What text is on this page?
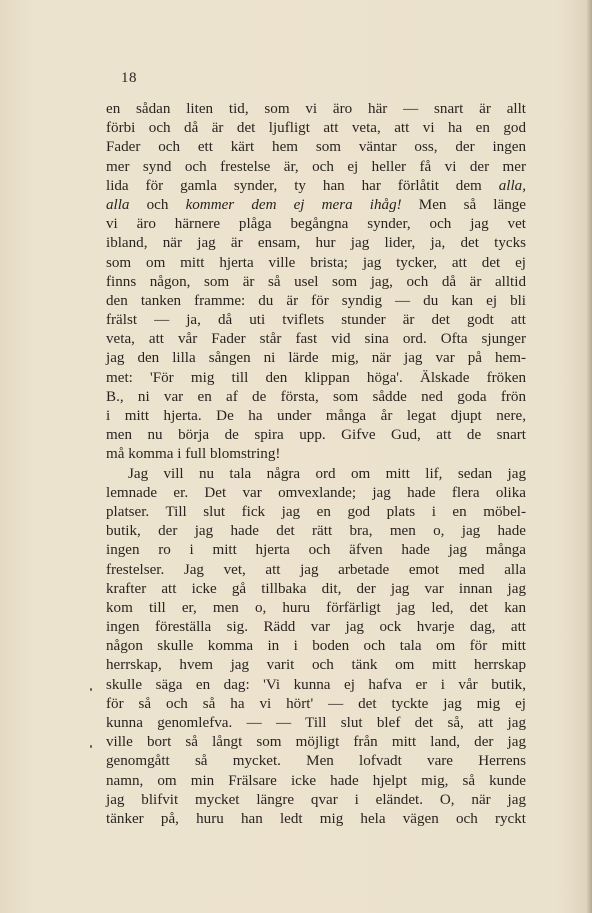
18
en sådan liten tid, som vi äro här — snart är allt
förbi och då är det ljufligt att veta, att vi ha en god
Fader och ett kärt hem som väntar oss, der ingen
mer synd och frestelse är, och ej heller få vi der mer
lida för gamla synder, ty han har förlåtit dem alla,
alla och kommer dem ej mera ihåg! Men så länge
vi äro härnere plåga begångna synder, och jag vet
ibland, när jag är ensam, hur jag lider, ja, det tycks
som om mitt hjerta ville brista; jag tycker, att det ej
finns någon, som är så usel som jag, och då är alltid
den tanken framme: du är för syndig — du kan ej bli
frälst — ja, då uti tviflets stunder är det godt att
veta, att vår Fader står fast vid sina ord. Ofta sjunger
jag den lilla sången ni lärde mig, när jag var på hem-
met: 'För mig till den klippan höga'. Älskade fröken
B., ni var en af de första, som sådde ned goda frön
i mitt hjerta. De ha under många år legat djupt nere,
men nu börja de spira upp. Gifve Gud, att de snart
må komma i full blomstring!
Jag vill nu tala några ord om mitt lif, sedan jag
lemnade er. Det var omvexlande; jag hade flera olika
platser. Till slut fick jag en god plats i en möbel-
butik, der jag hade det rätt bra, men o, jag hade
ingen ro i mitt hjerta och äfven hade jag många
frestelser. Jag vet, att jag arbetade emot med alla
krafter att icke gå tillbaka dit, der jag var innan jag
kom till er, men o, huru förfärligt jag led, det kan
ingen föreställa sig. Rädd var jag ock hvarje dag, att
någon skulle komma in i boden och tala om för mitt
herrskap, hvem jag varit och tänk om mitt herrskap
skulle säga en dag: 'Vi kunna ej hafva er i vår butik,
för så och så ha vi hört' — det tyckte jag mig ej
kunna genomlefva. — — Till slut blef det så, att jag
ville bort så långt som möjligt från mitt land, der jag
genomgått så mycket. Men lofvadt vare Herrens
namn, om min Frälsare icke hade hjelpt mig, så kunde
jag blifvit mycket längre qvar i eländet. O, när jag
tänker på, huru han ledt mig hela vägen och ryckt
